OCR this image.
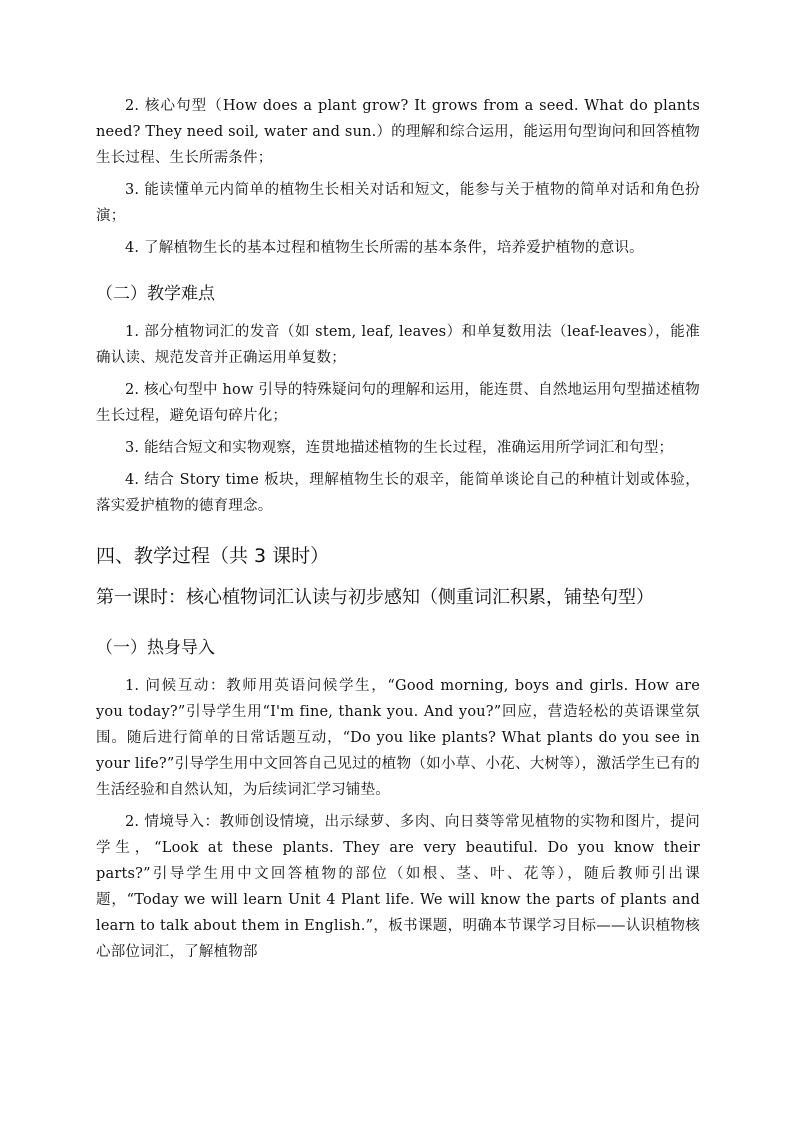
2. 核心句型（How does a plant grow? It grows from a seed. What do plants need? They need soil, water and sun.）的理解和综合运用，能运用句型询问和回答植物生长过程、生长所需条件；

3. 能读懂单元内简单的植物生长相关对话和短文，能参与关于植物的简单对话和角色扮演；

4. 了解植物生长的基本过程和植物生长所需的基本条件，培养爱护植物的意识。

（二）教学难点

1. 部分植物词汇的发音（如 stem, leaf, leaves）和单复数用法（leaf-leaves），能准确认读、规范发音并正确运用单复数；

2. 核心句型中 how 引导的特殊疑问句的理解和运用，能连贯、自然地运用句型描述植物生长过程，避免语句碎片化；

3. 能结合短文和实物观察，连贯地描述植物的生长过程，准确运用所学词汇和句型；

4. 结合 Story time 板块，理解植物生长的艰辛，能简单谈论自己的种植计划或体验，落实爱护植物的德育理念。

四、教学过程（共 3 课时）
第一课时：核心植物词汇认读与初步感知（侧重词汇积累，铺垫句型）
（一）热身导入

1. 问候互动：教师用英语问候学生，“Good morning, boys and girls. How are you today?”引导学生用“I'm fine, thank you. And you?”回应，营造轻松的英语课堂氛围。随后进行简单的日常话题互动，“Do you like plants? What plants do you see in your life?”引导学生用中文回答自己见过的植物（如小草、小花、大树等），激活学生已有的生活经验和自然认知，为后续词汇学习铺垫。

2. 情境导入：教师创设情境，出示绿萝、多肉、向日葵等常见植物的实物和图片，提问学生，“Look at these plants. They are very beautiful. Do you know their parts?”引导学生用中文回答植物的部位（如根、茎、叶、花等），随后教师引出课题，“Today we will learn Unit 4 Plant life. We will know the parts of plants and learn to talk about them in English.”，板书课题，明确本节课学习目标——认识植物核心部位词汇，了解植物部
